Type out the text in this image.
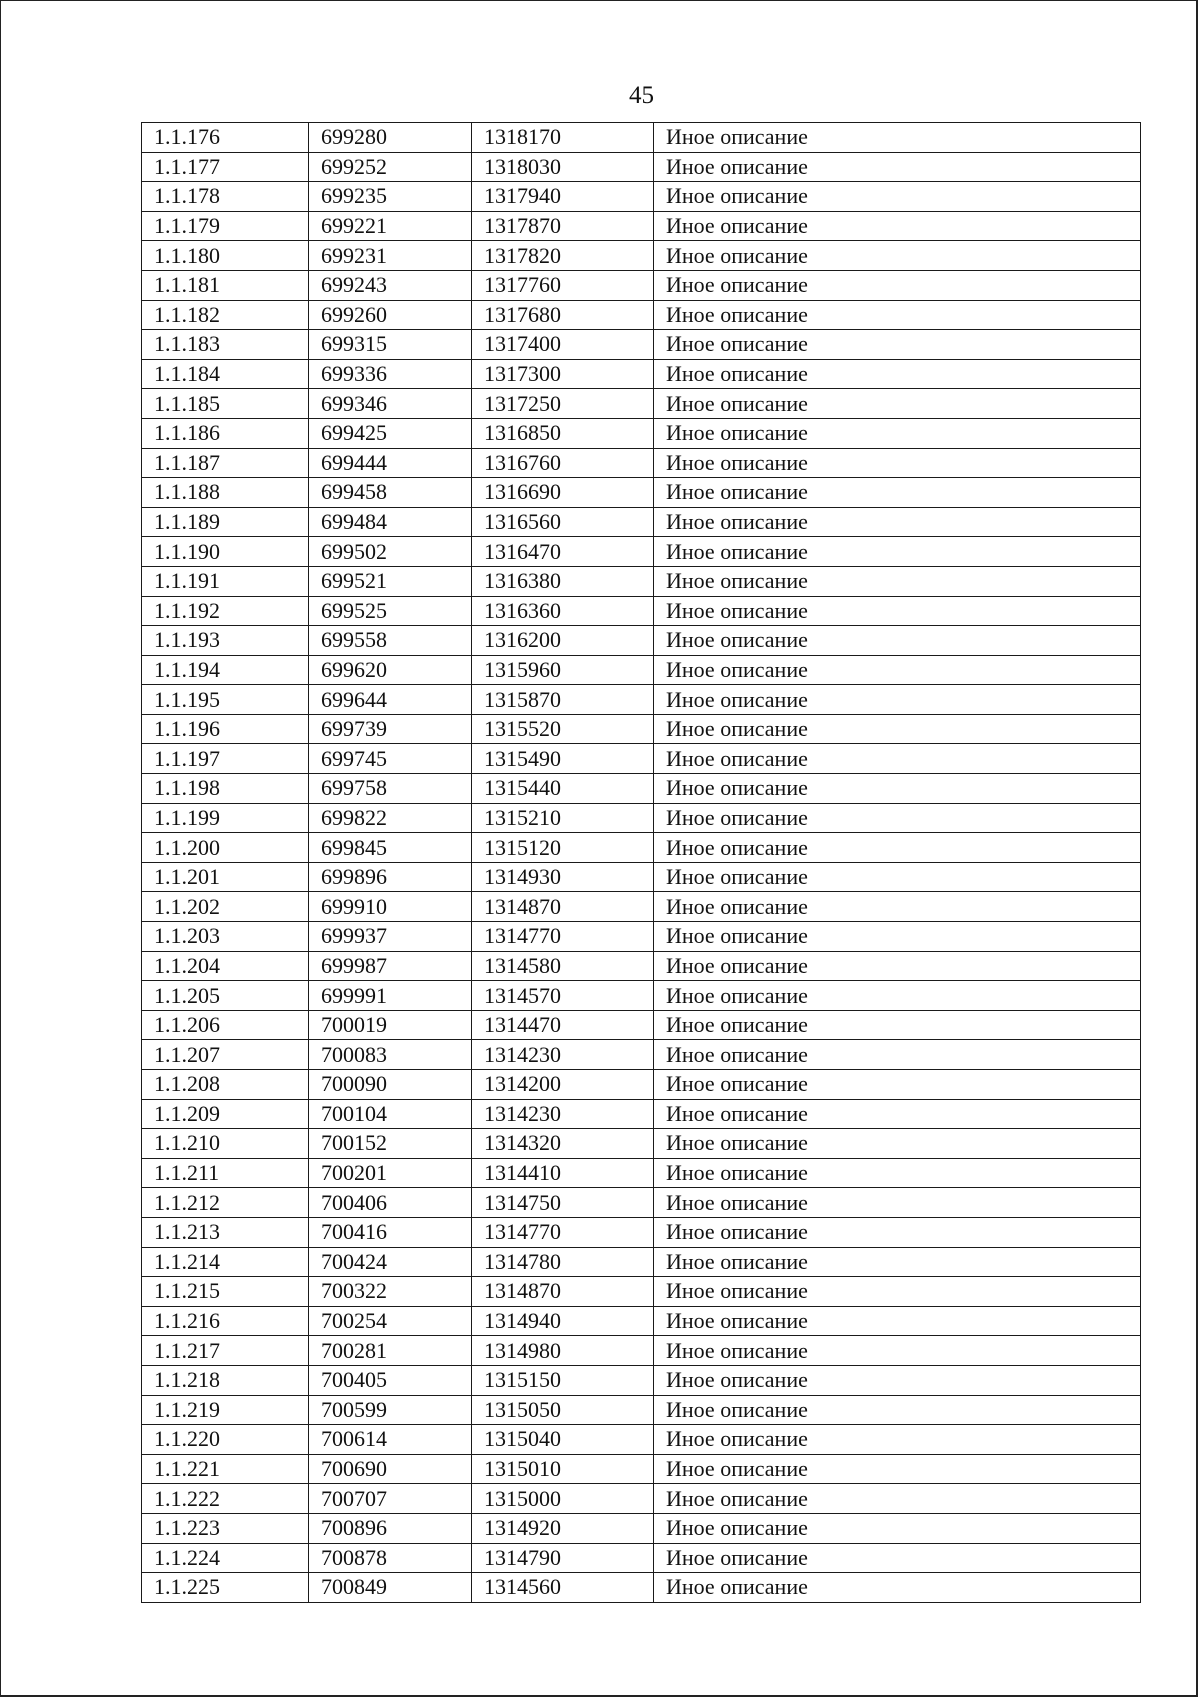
45
1.1.176	699280	1318170	Иное описание
1.1.177	699252	1318030	Иное описание
1.1.178	699235	1317940	Иное описание
1.1.179	699221	1317870	Иное описание
1.1.180	699231	1317820	Иное описание
1.1.181	699243	1317760	Иное описание
1.1.182	699260	1317680	Иное описание
1.1.183	699315	1317400	Иное описание
1.1.184	699336	1317300	Иное описание
1.1.185	699346	1317250	Иное описание
1.1.186	699425	1316850	Иное описание
1.1.187	699444	1316760	Иное описание
1.1.188	699458	1316690	Иное описание
1.1.189	699484	1316560	Иное описание
1.1.190	699502	1316470	Иное описание
1.1.191	699521	1316380	Иное описание
1.1.192	699525	1316360	Иное описание
1.1.193	699558	1316200	Иное описание
1.1.194	699620	1315960	Иное описание
1.1.195	699644	1315870	Иное описание
1.1.196	699739	1315520	Иное описание
1.1.197	699745	1315490	Иное описание
1.1.198	699758	1315440	Иное описание
1.1.199	699822	1315210	Иное описание
1.1.200	699845	1315120	Иное описание
1.1.201	699896	1314930	Иное описание
1.1.202	699910	1314870	Иное описание
1.1.203	699937	1314770	Иное описание
1.1.204	699987	1314580	Иное описание
1.1.205	699991	1314570	Иное описание
1.1.206	700019	1314470	Иное описание
1.1.207	700083	1314230	Иное описание
1.1.208	700090	1314200	Иное описание
1.1.209	700104	1314230	Иное описание
1.1.210	700152	1314320	Иное описание
1.1.211	700201	1314410	Иное описание
1.1.212	700406	1314750	Иное описание
1.1.213	700416	1314770	Иное описание
1.1.214	700424	1314780	Иное описание
1.1.215	700322	1314870	Иное описание
1.1.216	700254	1314940	Иное описание
1.1.217	700281	1314980	Иное описание
1.1.218	700405	1315150	Иное описание
1.1.219	700599	1315050	Иное описание
1.1.220	700614	1315040	Иное описание
1.1.221	700690	1315010	Иное описание
1.1.222	700707	1315000	Иное описание
1.1.223	700896	1314920	Иное описание
1.1.224	700878	1314790	Иное описание
1.1.225	700849	1314560	Иное описание
